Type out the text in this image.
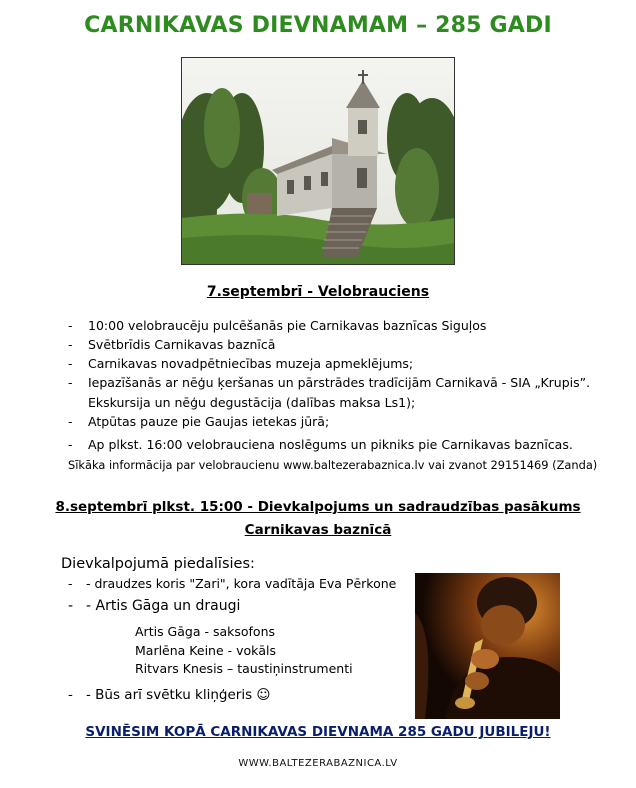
CARNIKAVAS DIEVNAMAM – 285 GADI
7.septembrī - Velobrauciens
- 10:00 velobraucēju pulcēšanās pie Carnikavas baznīcas Siguļos
- Svētbrīdis Carnikavas baznīcā
- Carnikavas novadpētniecības muzeja apmeklējums;
- Iepazīšanās ar nēģu ķeršanas un pārstrādes tradīcijām Carnikavā - SIA „Krupis”.
Ekskursija un nēģu degustācija (dalības maksa Ls1);
- Atpūtas pauze pie Gaujas ietekas jūrā;
- Ap plkst. 16:00 velobrauciena noslēgums un pikniks pie Carnikavas baznīcas.
Sīkāka informācija par velobraucienu www.baltezerabaznica.lv vai zvanot 29151469 (Zanda)
8.septembrī plkst. 15:00 - Dievkalpojums un sadraudzības pasākums
Carnikavas baznīcā
Dievkalpojumā piedalīsies:
- - draudzes koris "Zari", kora vadītāja Eva Pērkone
- - Artis Gāga un draugi
Artis Gāga - saksofons
Marlēna Keine - vokāls
Ritvars Knesis – taustiņinstrumenti
- - Būs arī svētku kliņģeris ☺
SVINĒSIM KOPĀ CARNIKAVAS DIEVNAMA 285 GADU JUBILEJU!
WWW.BALTEZERABAZNICA.LV
